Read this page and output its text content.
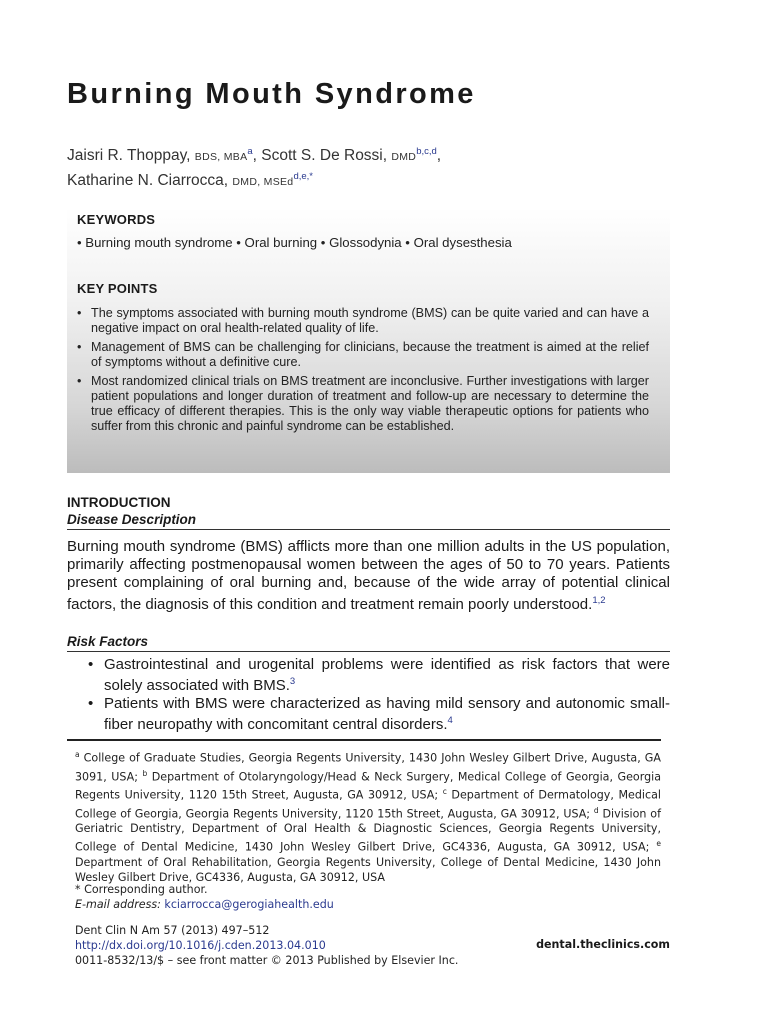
Burning Mouth Syndrome
Jaisri R. Thoppay, BDS, MBA$^a$, Scott S. De Rossi, DMD$^{b,c,d}$,
Katharine N. Ciarrocca, DMD, MSEd$^{d,e,*}$
KEYWORDS
• Burning mouth syndrome • Oral burning • Glossodynia • Oral dysesthesia
KEY POINTS
• The symptoms associated with burning mouth syndrome (BMS) can be quite varied and can have a negative impact on oral health-related quality of life.
• Management of BMS can be challenging for clinicians, because the treatment is aimed at the relief of symptoms without a definitive cure.
• Most randomized clinical trials on BMS treatment are inconclusive. Further investigations with larger patient populations and longer duration of treatment and follow-up are necessary to determine the true efficacy of different therapies. This is the only way viable therapeutic options for patients who suffer from this chronic and painful syndrome can be established.
INTRODUCTION
Disease Description

Burning mouth syndrome (BMS) afflicts more than one million adults in the US population, primarily affecting postmenopausal women between the ages of 50 to 70 years. Patients present complaining of oral burning and, because of the wide array of potential clinical factors, the diagnosis of this condition and treatment remain poorly understood.$^{1,2}$

Risk Factors
• Gastrointestinal and urogenital problems were identified as risk factors that were solely associated with BMS.$^3$
• Patients with BMS were characterized as having mild sensory and autonomic small-fiber neuropathy with concomitant central disorders.$^4$

$^a$ College of Graduate Studies, Georgia Regents University, 1430 John Wesley Gilbert Drive, Augusta, GA 3091, USA; $^b$ Department of Otolaryngology/Head & Neck Surgery, Medical College of Georgia, Georgia Regents University, 1120 15th Street, Augusta, GA 30912, USA; $^c$ Department of Dermatology, Medical College of Georgia, Georgia Regents University, 1120 15th Street, Augusta, GA 30912, USA; $^d$ Division of Geriatric Dentistry, Department of Oral Health & Diagnostic Sciences, Georgia Regents University, College of Dental Medicine, 1430 John Wesley Gilbert Drive, GC4336, Augusta, GA 30912, USA; $^e$ Department of Oral Rehabilitation, Georgia Regents University, College of Dental Medicine, 1430 John Wesley Gilbert Drive, GC4336, Augusta, GA 30912, USA

* Corresponding author.
E-mail address: kciarrocca@gerogiahealth.edu
Dent Clin N Am 57 (2013) 497–512
http://dx.doi.org/10.1016/j.cden.2013.04.010
0011-8532/13/$ – see front matter © 2013 Published by Elsevier Inc.
dental.theclinics.com
